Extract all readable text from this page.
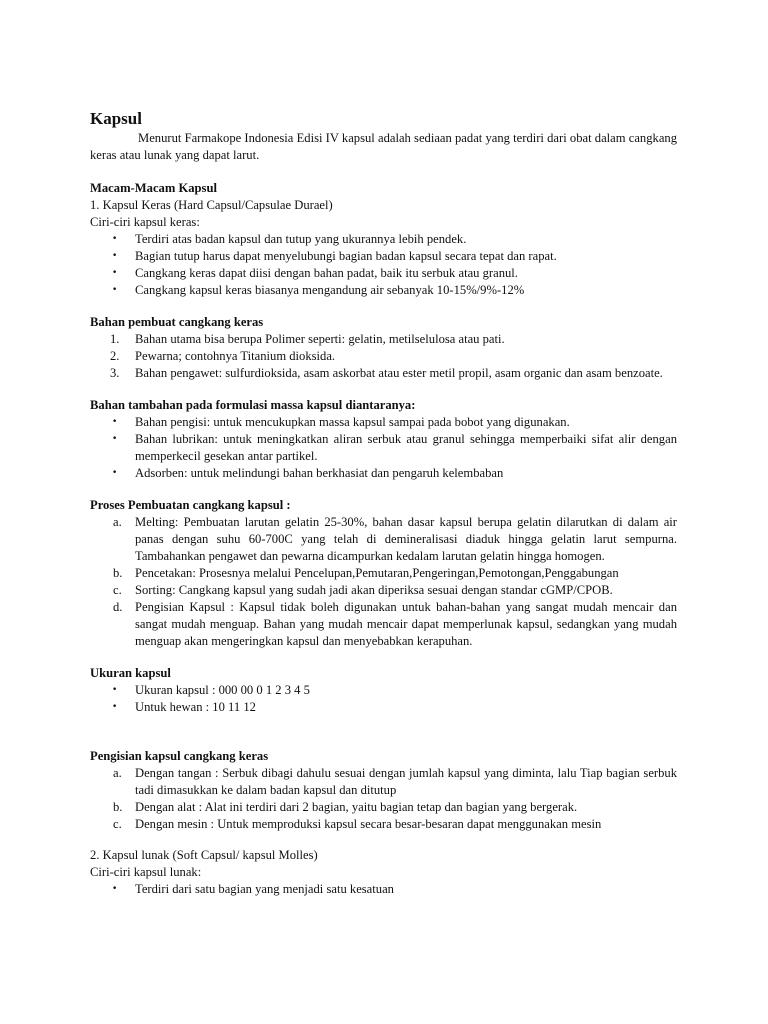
Kapsul

Menurut Farmakope Indonesia Edisi IV kapsul adalah sediaan padat yang terdiri dari obat dalam cangkang keras atau lunak yang dapat larut.

Macam-Macam Kapsul
1. Kapsul Keras (Hard Capsul/Capsulae Durael)
Ciri-ciri kapsul keras:
•	Terdiri atas badan kapsul dan tutup yang ukurannya lebih pendek.
•	Bagian tutup harus dapat menyelubungi bagian badan kapsul secara tepat dan rapat.
•	Cangkang keras dapat diisi dengan bahan padat, baik itu serbuk atau granul.
•	Cangkang kapsul keras biasanya mengandung air sebanyak 10-15%/9%-12%
Bahan pembuat cangkang keras
1.	Bahan utama bisa berupa Polimer seperti: gelatin, metilselulosa atau pati.
2.	Pewarna; contohnya Titanium dioksida.
3.	Bahan pengawet: sulfurdioksida, asam askorbat atau ester metil propil, asam organic dan asam benzoate.
Bahan tambahan pada formulasi massa kapsul diantaranya:
•	Bahan pengisi: untuk mencukupkan massa kapsul sampai pada bobot yang digunakan.
•	Bahan lubrikan: untuk meningkatkan aliran serbuk atau granul sehingga memperbaiki sifat alir dengan memperkecil gesekan antar partikel.
•	Adsorben: untuk melindungi bahan berkhasiat dan pengaruh kelembaban
Proses Pembuatan cangkang kapsul :
a.	Melting: Pembuatan larutan gelatin 25-30%, bahan dasar kapsul berupa gelatin dilarutkan di dalam air panas dengan suhu 60-700C yang telah di demineralisasi diaduk hingga gelatin larut sempurna. Tambahankan pengawet dan pewarna dicampurkan kedalam larutan gelatin hingga homogen.
b. Pencetakan: Prosesnya melalui Pencelupan,Pemutaran,Pengeringan,Pemotongan,Penggabungan
c.	Sorting: Cangkang kapsul yang sudah jadi akan diperiksa sesuai dengan standar cGMP/CPOB.
d. Pengisian Kapsul : Kapsul tidak boleh digunakan untuk bahan-bahan yang sangat mudah mencair dan sangat mudah menguap. Bahan yang mudah mencair dapat memperlunak kapsul, sedangkan yang mudah menguap akan mengeringkan kapsul dan menyebabkan kerapuhan.
Ukuran kapsul
•	Ukuran kapsul : 000 00 0 1 2 3 4 5
•	Untuk hewan : 10 11 12
Pengisian kapsul cangkang keras
a.	Dengan tangan : Serbuk dibagi dahulu sesuai dengan jumlah kapsul yang diminta, lalu Tiap bagian serbuk tadi dimasukkan ke dalam badan kapsul dan ditutup
b. Dengan alat : Alat ini terdiri dari 2 bagian, yaitu bagian tetap dan bagian yang bergerak.
c.	Dengan mesin : Untuk memproduksi kapsul secara besar-besaran dapat menggunakan mesin
2. Kapsul lunak (Soft Capsul/ kapsul Molles)
Ciri-ciri kapsul lunak:
•	Terdiri dari satu bagian yang menjadi satu kesatuan
